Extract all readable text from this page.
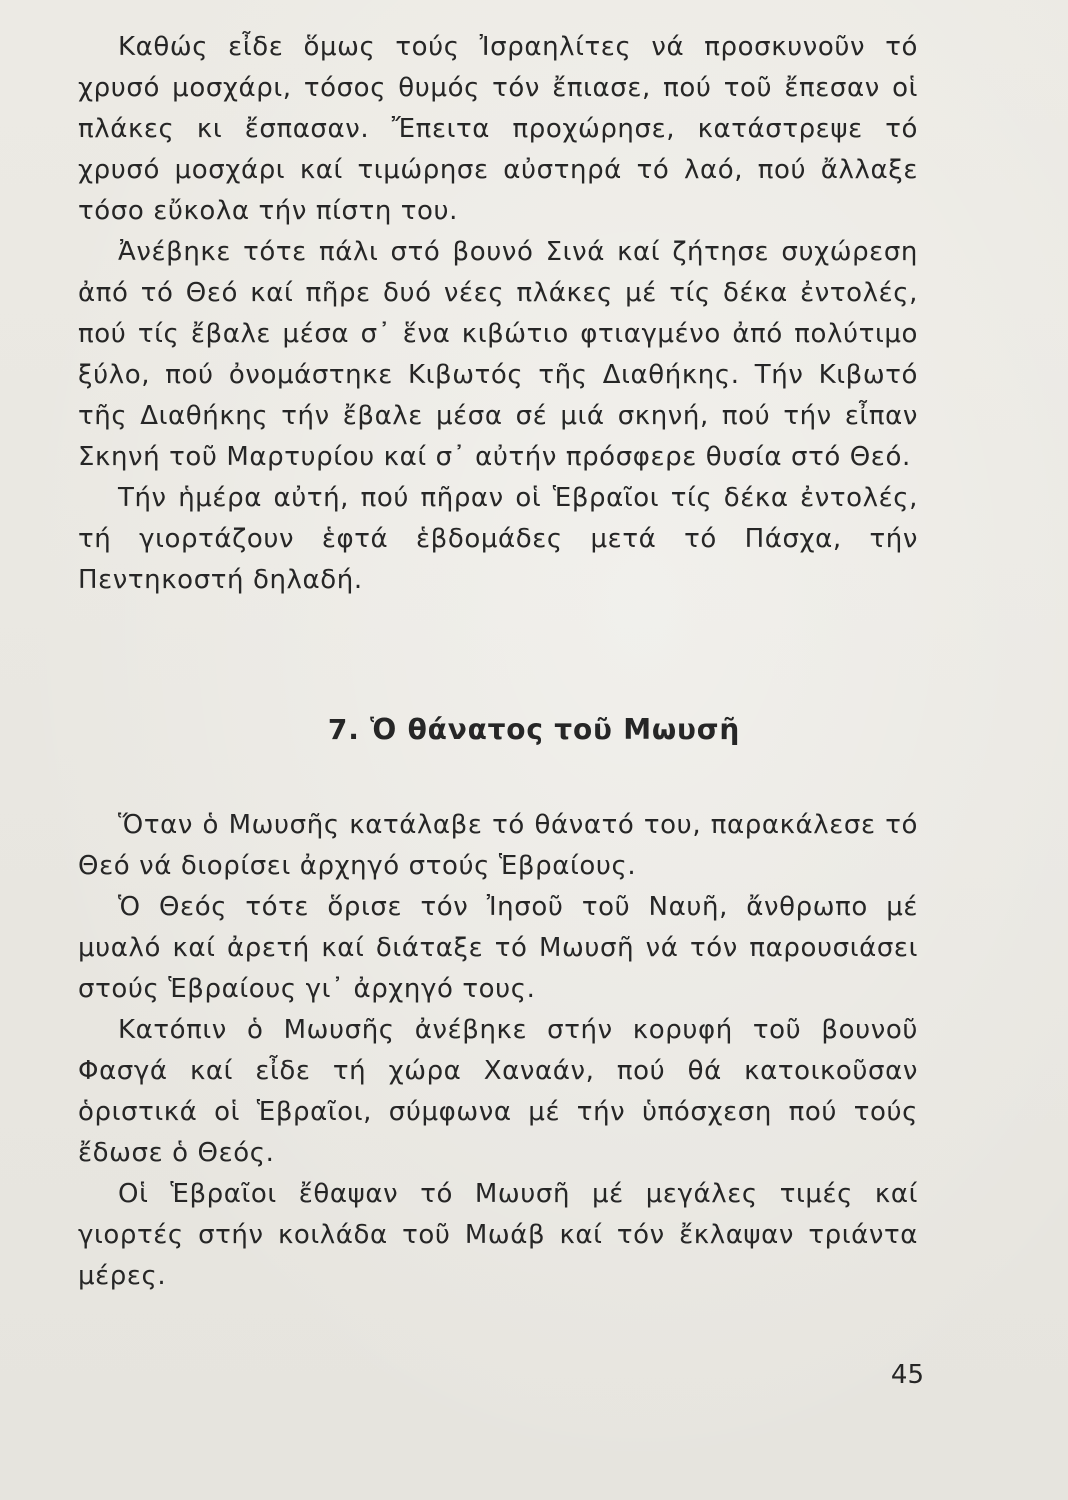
Καθώς εἶδε ὅμως τούς Ἰσραηλίτες νά προσκυνοῦν τό χρυσό μοσχάρι, τόσος θυμός τόν ἔπιασε, πού τοῦ ἔπεσαν οἱ πλάκες κι ἔσπασαν. Ἔπειτα προχώρησε, κατάστρεψε τό χρυσό μοσχάρι καί τιμώρησε αὐστηρά τό λαό, πού ἄλλαξε τόσο εὔκολα τήν πίστη του.

Ἀνέβηκε τότε πάλι στό βουνό Σινά καί ζήτησε συχώρεση ἀπό τό Θεό καί πῆρε δυό νέες πλάκες μέ τίς δέκα ἐντολές, πού τίς ἔβαλε μέσα σ᾽ ἕνα κιβώτιο φτιαγμένο ἀπό πολύτιμο ξύλο, πού ὀνομάστηκε Κιβωτός τῆς Διαθήκης. Τήν Κιβωτό τῆς Διαθήκης τήν ἔβαλε μέσα σέ μιά σκηνή, πού τήν εἶπαν Σκηνή τοῦ Μαρτυρίου καί σ᾽ αὐτήν πρόσφερε θυσία στό Θεό.

Τήν ἡμέρα αὐτή, πού πῆραν οἱ Ἑβραῖοι τίς δέκα ἐντολές, τή γιορτάζουν ἑφτά ἑβδομάδες μετά τό Πάσχα, τήν Πεντηκοστή δηλαδή.

7. Ὁ θάνατος τοῦ Μωυσῆ

Ὅταν ὁ Μωυσῆς κατάλαβε τό θάνατό του, παρακάλεσε τό Θεό νά διορίσει ἀρχηγό στούς Ἑβραίους.

Ὁ Θεός τότε ὅρισε τόν Ἰησοῦ τοῦ Ναυῆ, ἄνθρωπο μέ μυαλό καί ἀρετή καί διάταξε τό Μωυσῆ νά τόν παρουσιάσει στούς Ἑβραίους γι᾽ ἀρχηγό τους.

Κατόπιν ὁ Μωυσῆς ἀνέβηκε στήν κορυφή τοῦ βουνοῦ Φασγά καί εἶδε τή χώρα Χαναάν, πού θά κατοικοῦσαν ὁριστικά οἱ Ἑβραῖοι, σύμφωνα μέ τήν ὑπόσχεση πού τούς ἔδωσε ὁ Θεός.

Οἱ Ἑβραῖοι ἔθαψαν τό Μωυσῆ μέ μεγάλες τιμές καί γιορτές στήν κοιλάδα τοῦ Μωάβ καί τόν ἔκλαψαν τριάντα μέρες.

45
